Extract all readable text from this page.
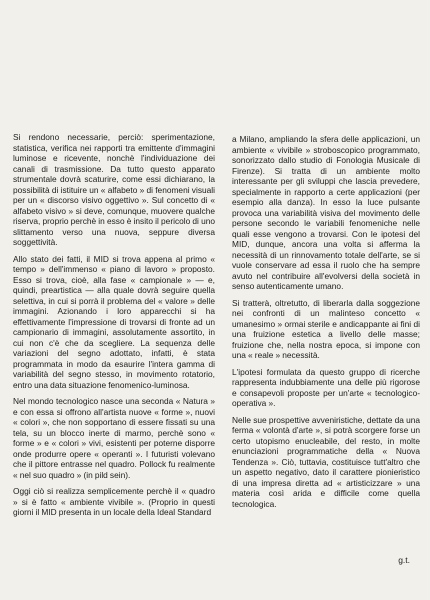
Si rendono necessarie, perciò: sperimentazione, statistica, verifica nei rapporti tra emittente d'immagini luminose e ricevente, nonchè l'individuazione dei canali di trasmissione. Da tutto questo apparato strumentale dovrà scaturire, come essi dichiarano, la possibilità di istituire un « alfabeto » di fenomeni visuali per un « discorso visivo oggettivo ». Sul concetto di « alfabeto visivo » si deve, comunque, muovere qualche riserva, proprio perchè in esso è insito il pericolo di uno slittamento verso una nuova, seppure diversa soggettività.

Allo stato dei fatti, il MID si trova appena al primo « tempo » dell'immenso « piano di lavoro » proposto. Esso si trova, cioè, alla fase « campionale » — e, quindi, preartistica — alla quale dovrà seguire quella selettiva, in cui si porrà il problema del « valore » delle immagini. Azionando i loro apparecchi si ha effettivamente l'impressione di trovarsi di fronte ad un campionario di immagini, assolutamente assortito, in cui non c'è che da scegliere. La sequenza delle variazioni del segno adottato, infatti, è stata programmata in modo da esaurire l'intera gamma di variabilità del segno stesso, in movimento rotatorio, entro una data situazione fenomenico-luminosa.

Nel mondo tecnologico nasce una seconda « Natura » e con essa si offrono all'artista nuove « forme », nuovi « colori », che non sopportano di essere fissati su una tela, su un blocco inerte di marmo, perchè sono « forme » e « colori » vivi, esistenti per poterne disporre onde produrre opere « operanti ». I futuristi volevano che il pittore entrasse nel quadro. Pollock fu realmente « nel suo quadro » (in pild sein).

Oggi ciò si realizza semplicemente perchè il « quadro » si è fatto « ambiente vivibile ». (Proprio in questi giorni il MID presenta in un locale della Ideal Standard

a Milano, ampliando la sfera delle applicazioni, un ambiente « vivibile » stroboscopico programmato, sonorizzato dallo studio di Fonologia Musicale di Firenze). Si tratta di un ambiente molto interessante per gli sviluppi che lascia prevedere, specialmente in rapporto a certe applicazioni (per esempio alla danza). In esso la luce pulsante provoca una variabilità visiva del movimento delle persone secondo le variabili fenomeniche nelle quali esse vengono a trovarsi. Con le ipotesi del MID, dunque, ancora una volta si afferma la necessità di un rinnovamento totale dell'arte, se si vuole conservare ad essa il ruolo che ha sempre avuto nel contribuire all'evolversi della società in senso autenticamente umano.

Si tratterà, oltretutto, di liberarla dalla soggezione nei confronti di un malinteso concetto « umanesimo » ormai sterile e andicappante ai fini di una fruizione estetica a livello delle masse; fruizione che, nella nostra epoca, si impone con una « reale » necessità.

L'ipotesi formulata da questo gruppo di ricerche rappresenta indubbiamente una delle più rigorose e consapevoli proposte per un'arte « tecnologico-operativa ».

Nelle sue prospettive avveniristiche, dettate da una ferma « volontà d'arte », si potrà scorgere forse un certo utopismo enucleabile, del resto, in molte enunciazioni programmatiche della « Nuova Tendenza ». Ciò, tuttavia, costituisce tutt'altro che un aspetto negativo, dato il carattere pionieristico di una impresa diretta ad « artisticizzare » una materia così arida e difficile come quella tecnologica.

g.t.
